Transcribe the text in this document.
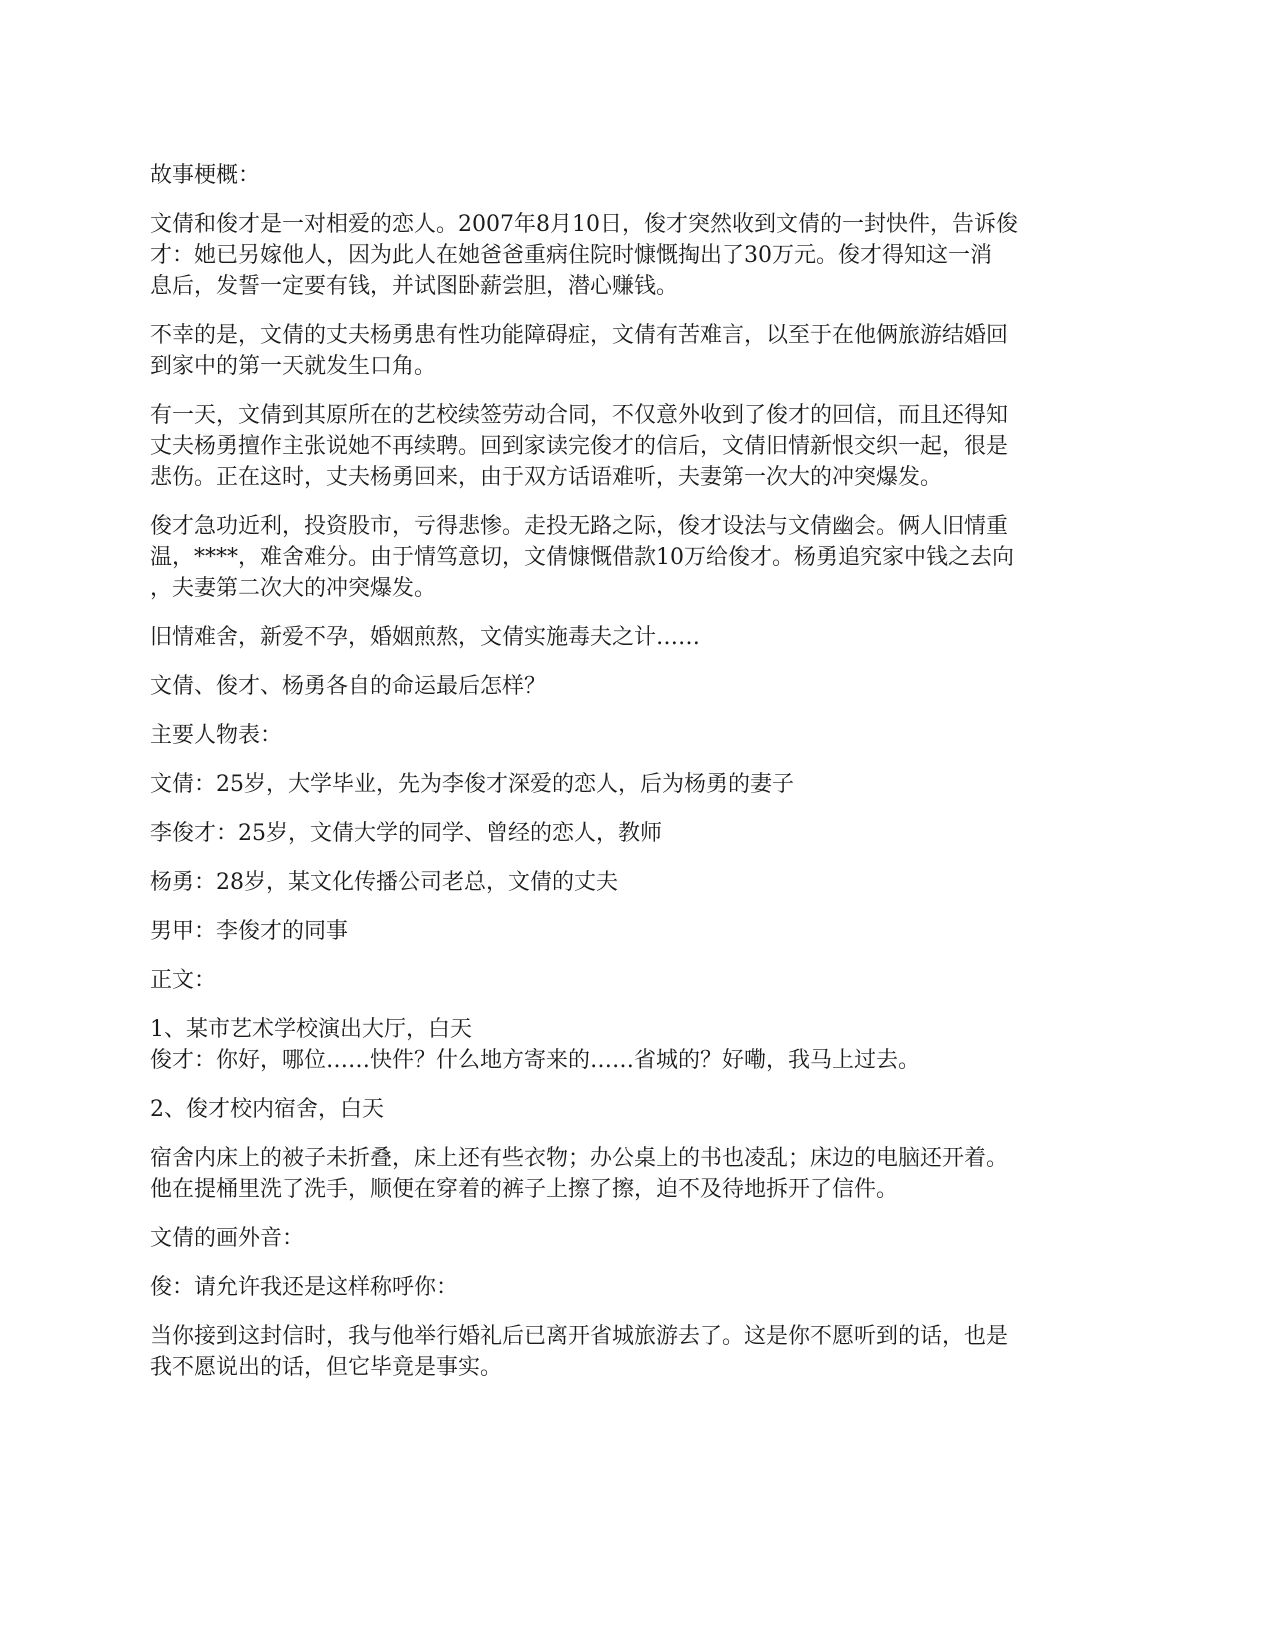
故事梗概：

文倩和俊才是一对相爱的恋人。2007年8月10日，俊才突然收到文倩的一封快件，告诉俊
才：她已另嫁他人，因为此人在她爸爸重病住院时慷慨掏出了30万元。俊才得知这一消
息后，发誓一定要有钱，并试图卧薪尝胆，潜心赚钱。

不幸的是，文倩的丈夫杨勇患有性功能障碍症，文倩有苦难言，以至于在他俩旅游结婚回
到家中的第一天就发生口角。

有一天，文倩到其原所在的艺校续签劳动合同，不仅意外收到了俊才的回信，而且还得知
丈夫杨勇擅作主张说她不再续聘。回到家读完俊才的信后，文倩旧情新恨交织一起，很是
悲伤。正在这时，丈夫杨勇回来，由于双方话语难听，夫妻第一次大的冲突爆发。

俊才急功近利，投资股市，亏得悲惨。走投无路之际，俊才设法与文倩幽会。俩人旧情重
温，****，难舍难分。由于情笃意切，文倩慷慨借款10万给俊才。杨勇追究家中钱之去向
，夫妻第二次大的冲突爆发。

旧情难舍，新爱不孕，婚姻煎熬，文倩实施毒夫之计……

文倩、俊才、杨勇各自的命运最后怎样？

主要人物表：

文倩：25岁，大学毕业，先为李俊才深爱的恋人，后为杨勇的妻子

李俊才：25岁，文倩大学的同学、曾经的恋人，教师

杨勇：28岁，某文化传播公司老总，文倩的丈夫

男甲：李俊才的同事

正文：

1、某市艺术学校演出大厅，白天
俊才：你好，哪位……快件？什么地方寄来的……省城的？好嘞，我马上过去。

2、俊才校内宿舍，白天

宿舍内床上的被子未折叠，床上还有些衣物；办公桌上的书也凌乱；床边的电脑还开着。
他在提桶里洗了洗手，顺便在穿着的裤子上擦了擦，迫不及待地拆开了信件。

文倩的画外音：

俊：请允许我还是这样称呼你：

当你接到这封信时，我与他举行婚礼后已离开省城旅游去了。这是你不愿听到的话，也是
我不愿说出的话，但它毕竟是事实。
